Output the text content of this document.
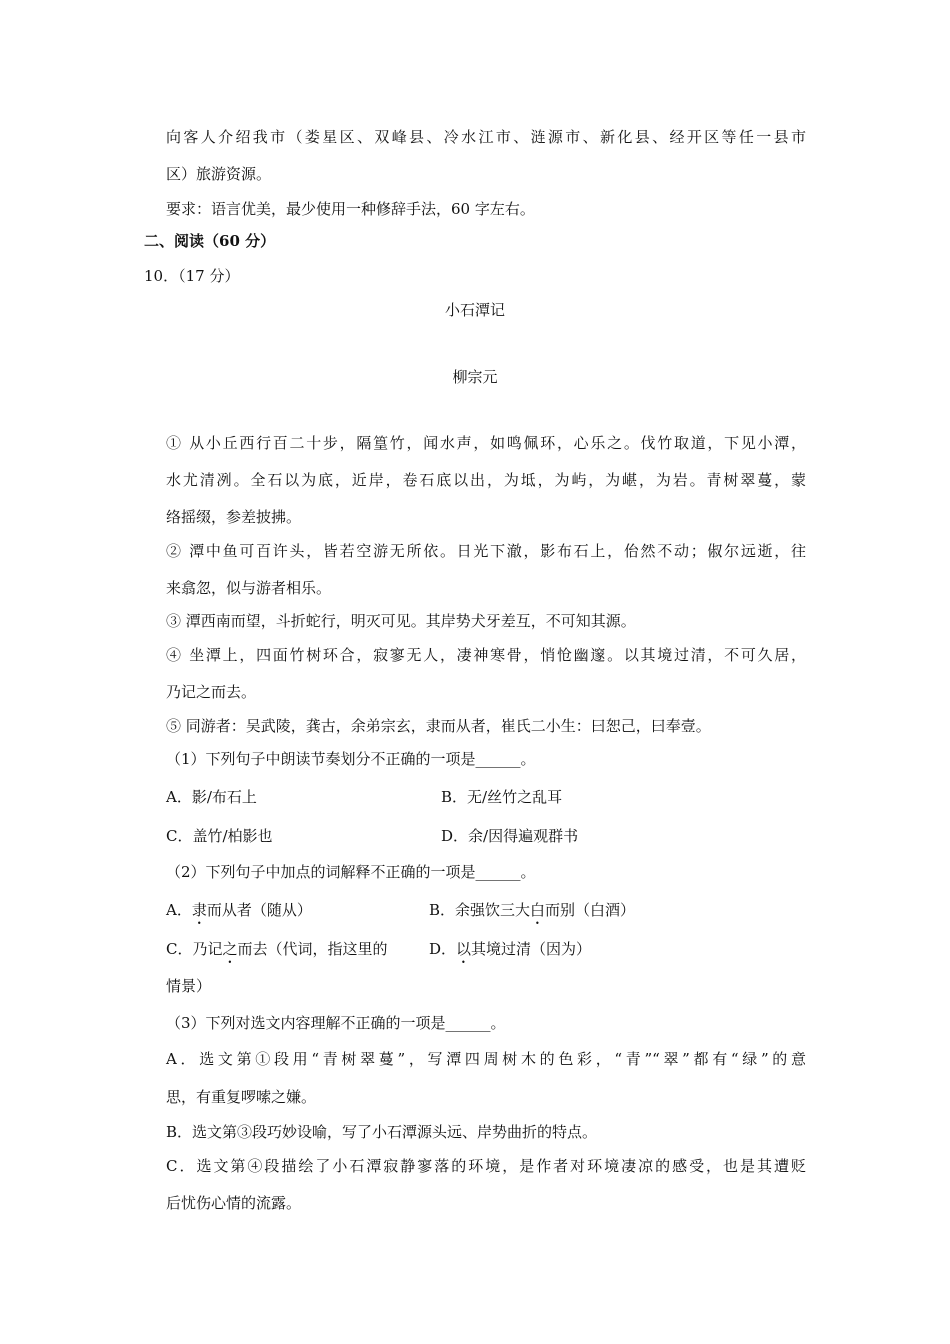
向客人介绍我市（娄星区、双峰县、冷水江市、涟源市、新化县、经开区等任一县市
区）旅游资源。
要求：语言优美，最少使用一种修辞手法，60 字左右。
二、阅读（60 分）
10．（17 分）
小石潭记
柳宗元
① 从小丘西行百二十步，隔篁竹，闻水声，如鸣佩环，心乐之。伐竹取道，下见小潭，
水尤清冽。全石以为底，近岸，卷石底以出，为坻，为屿，为嵁，为岩。青树翠蔓，蒙
络摇缀，参差披拂。
② 潭中鱼可百许头，皆若空游无所依。日光下澈，影布石上，佁然不动；俶尔远逝，往
来翕忽，似与游者相乐。
③ 潭西南而望，斗折蛇行，明灭可见。其岸势犬牙差互，不可知其源。
④ 坐潭上，四面竹树环合，寂寥无人，凄神寒骨，悄怆幽邃。以其境过清，不可久居，
乃记之而去。
⑤ 同游者：吴武陵，龚古，余弟宗玄，隶而从者，崔氏二小生：曰恕己，曰奉壹。
（1）下列句子中朗读节奏划分不正确的一项是______。
A．影/布石上	B．无/丝竹之乱耳
C．盖竹/柏影也	D．余/因得遍观群书
（2）下列句子中加点的词解释不正确的一项是______。
A．隶而从者（随从）	B．余强饮三大白而别（白酒）
C．乃记之而去（代词，指这里的	D．以其境过清（因为）
情景）
（3）下列对选文内容理解不正确的一项是______。
A．选文第①段用“青树翠蔓”，写潭四周树木的色彩，“青”“翠”都有“绿”的意
思，有重复啰嗦之嫌。
B．选文第③段巧妙设喻，写了小石潭源头远、岸势曲折的特点。
C．选文第④段描绘了小石潭寂静寥落的环境，是作者对环境凄凉的感受，也是其遭贬
后忧伤心情的流露。
